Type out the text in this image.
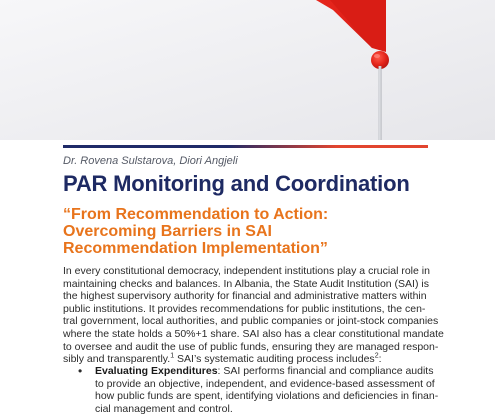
Dr. Rovena Sulstarova, Diori Angjeli
PAR Monitoring and Coordination
“From Recommendation to Action:
Overcoming Barriers in SAI
Recommendation Implementation”
In every constitutional democracy, independent institutions play a crucial role in
maintaining checks and balances. In Albania, the State Audit Institution (SAI) is
the highest supervisory authority for financial and administrative matters within
public institutions. It provides recommendations for public institutions, the cen-
tral government, local authorities, and public companies or joint-stock companies
where the state holds a 50%+1 share. SAI also has a clear constitutional mandate
to oversee and audit the use of public funds, ensuring they are managed respon-
sibly and transparently.$^1$ SAI’s systematic auditing process includes$^2$:
• Evaluating Expenditures: SAI performs financial and compliance audits
to provide an objective, independent, and evidence-based assessment of
how public funds are spent, identifying violations and deficiencies in finan-
cial management and control.
